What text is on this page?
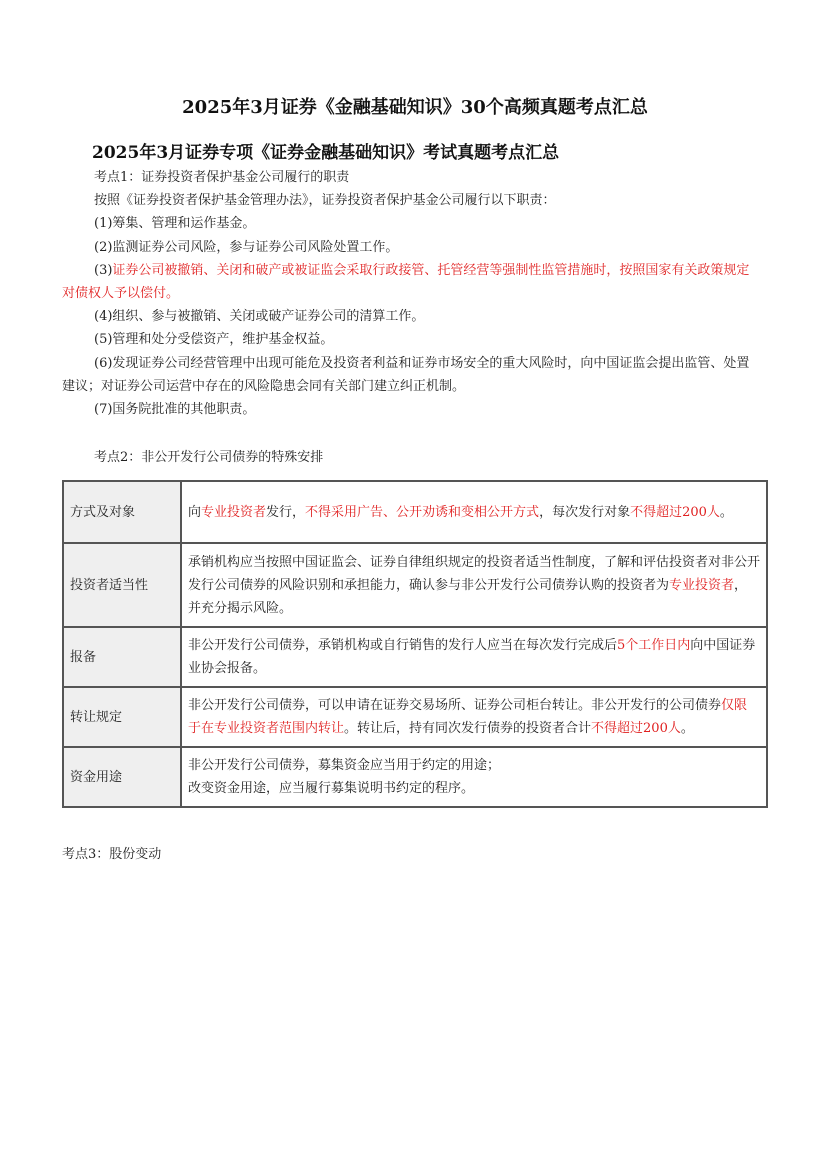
2025年3月证券《金融基础知识》30个高频真题考点汇总
2025年3月证券专项《证券金融基础知识》考试真题考点汇总
考点1：证券投资者保护基金公司履行的职责
按照《证券投资者保护基金管理办法》，证券投资者保护基金公司履行以下职责：
(1)筹集、管理和运作基金。
(2)监测证券公司风险，参与证券公司风险处置工作。
(3)证券公司被撤销、关闭和破产或被证监会采取行政接管、托管经营等强制性监管措施时，按照国家有关政策规定对债权人予以偿付。
(4)组织、参与被撤销、关闭或破产证券公司的清算工作。
(5)管理和处分受偿资产，维护基金权益。
(6)发现证券公司经营管理中出现可能危及投资者利益和证券市场安全的重大风险时，向中国证监会提出监管、处置建议；对证券公司运营中存在的风险隐患会同有关部门建立纠正机制。
(7)国务院批准的其他职责。
考点2：非公开发行公司债券的特殊安排
方式及对象	向专业投资者发行，不得采用广告、公开劝诱和变相公开方式，每次发行对象不得超过200人。
投资者适当性	承销机构应当按照中国证监会、证券自律组织规定的投资者适当性制度，了解和评估投资者对非公开发行公司债券的风险识别和承担能力，确认参与非公开发行公司债券认购的投资者为专业投资者，并充分揭示风险。
报备	非公开发行公司债券，承销机构或自行销售的发行人应当在每次发行完成后5个工作日内向中国证券业协会报备。
转让规定	非公开发行公司债券，可以申请在证券交易场所、证券公司柜台转让。非公开发行的公司债券仅限于在专业投资者范围内转让。转让后，持有同次发行债券的投资者合计不得超过200人。
资金用途	非公开发行公司债券，募集资金应当用于约定的用途；
改变资金用途，应当履行募集说明书约定的程序。
考点3：股份变动
